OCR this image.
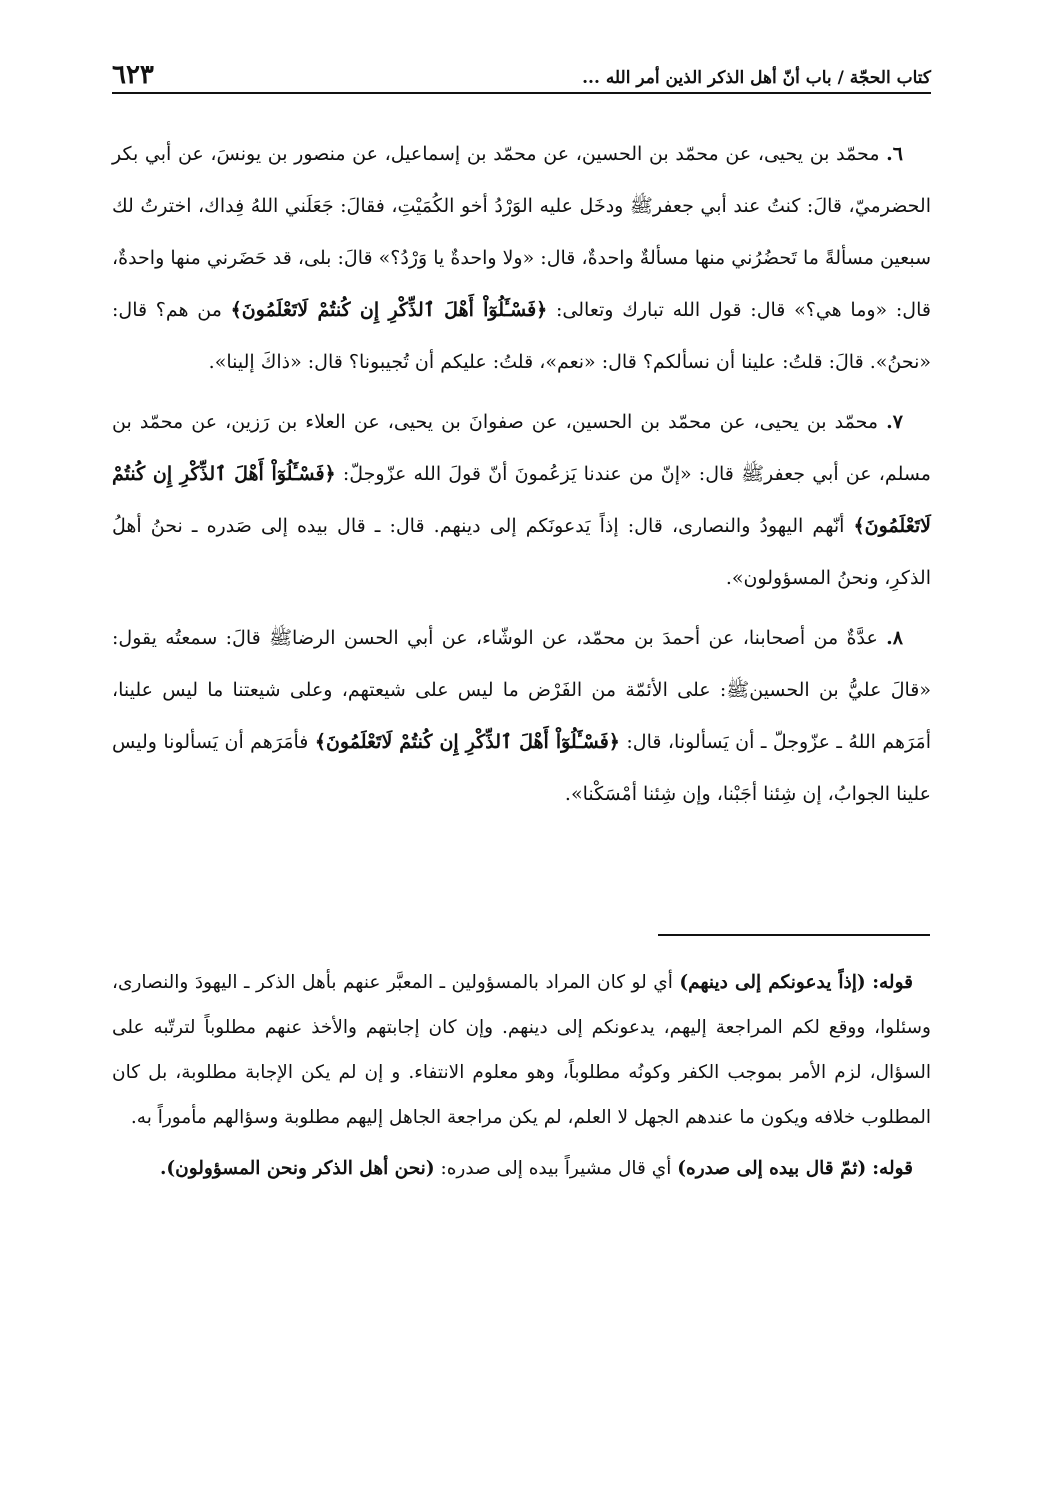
كتاب الحجّة / باب أنّ أهل الذكر الذين أمر الله ...
٦٢٣

٦. محمّد بن يحيى، عن محمّد بن الحسين، عن محمّد بن إسماعيل، عن منصور بن يونسَ، عن أبي بكر الحضرميّ، قالَ: كنتُ عند أبي جعفرﷺ ودخَل عليه الوَرْدُ أخو الكُمَيْتِ، فقالَ: جَعَلَني اللهُ فِداك، اخترتُ لك سبعين مسألةً ما تَحضُرُني منها مسألةٌ واحدةٌ، قال: «ولا واحدةٌ يا وَرْدُ؟» قالَ: بلى، قد حَضَرني منها واحدةٌ، قال: «وما هي؟» قال: قول الله تبارك وتعالى: ﴿فَسْـَٔلُوٓاْ أَهْلَ ٱلذِّكْرِ إِن كُنتُمْ لَاتَعْلَمُونَ﴾ من هم؟ قال: «نحنُ». قالَ: قلتُ: علينا أن نسألكم؟ قال: «نعم»، قلتُ: عليكم أن تُجيبونا؟ قال: «ذاكَ إلينا».

٧. محمّد بن يحيى، عن محمّد بن الحسين، عن صفوانَ بن يحيى، عن العلاء بن رَزين، عن محمّد بن مسلم، عن أبي جعفرﷺ قال: «إنّ من عندنا يَزعُمونَ أنّ قولَ الله عزّوجلّ: ﴿فَسْـَٔلُوٓاْ أَهْلَ ٱلذِّكْرِ إِن كُنتُمْ لَاتَعْلَمُونَ﴾ أنّهم اليهودُ والنصارى، قال: إذاً يَدعونَكم إلى دينهم. قال: ـ قال بيده إلى صَدره ـ نحنُ أهلُ الذكرِ، ونحنُ المسؤولون».

٨. عدَّةٌ من أصحابنا، عن أحمدَ بن محمّد، عن الوشّاء، عن أبي الحسن الرضاﷺ قالَ: سمعتُه يقول: «قالَ عليُّ بن الحسينﷺ: على الأئمّة من الفَرْض ما ليس على شيعتهم، وعلى شيعتنا ما ليس علينا، أمَرَهم اللهُ ـ عزّوجلّ ـ أن يَسألونا، قال: ﴿فَسْـَٔلُوٓاْ أَهْلَ ٱلذِّكْرِ إِن كُنتُمْ لَاتَعْلَمُونَ﴾ فأمَرَهم أن يَسألونا وليس علينا الجوابُ، إن شِئنا أجَبْنا، وإن شِئنا أمْسَكْنا».

قوله: (إذاً يدعونكم إلى دينهم) أي لو كان المراد بالمسؤولين ـ المعبَّر عنهم بأهل الذكر ـ اليهودَ والنصارى، وسئلوا، ووقع لكم المراجعة إليهم، يدعونكم إلى دينهم. وإن كان إجابتهم والأخذ عنهم مطلوباً لترتّبه على السؤال، لزم الأمر بموجب الكفر وكونُه مطلوباً، وهو معلوم الانتفاء. و إن لم يكن الإجابة مطلوبة، بل كان المطلوب خلافه ويكون ما عندهم الجهل لا العلم، لم يكن مراجعة الجاهل إليهم مطلوبة وسؤالهم مأموراً به.

قوله: (ثمّ قال بيده إلى صدره) أي قال مشيراً بيده إلى صدره: (نحن أهل الذكر ونحن المسؤولون).
